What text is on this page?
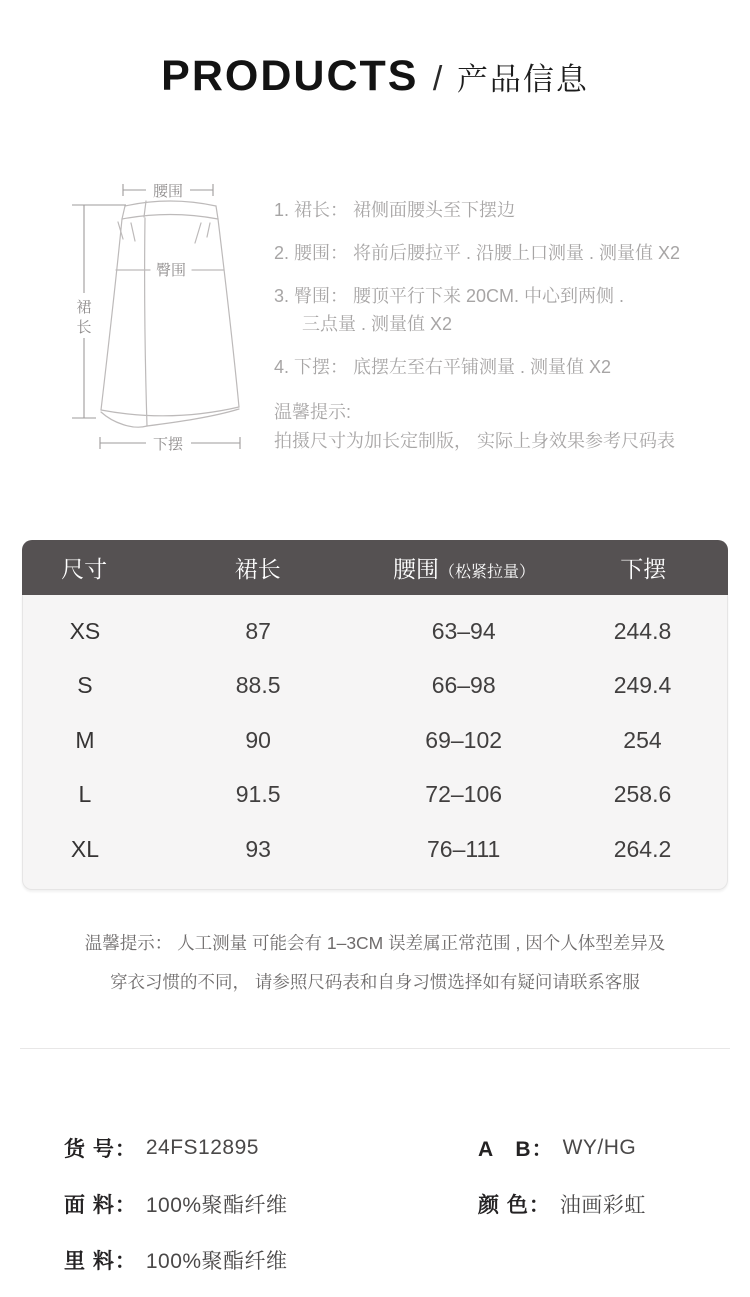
PRODUCTS / 产品信息
腰围
裙
长
下摆
臀围
1. 裙长： 裙侧面腰头至下摆边
2. 腰围： 将前后腰拉平 . 沿腰上口测量 . 测量值 X2
3. 臀围： 腰顶平行下来 20CM. 中心到两侧 .
三点量 . 测量值 X2
4. 下摆： 底摆左至右平铺测量 . 测量值 X2
温馨提示:
拍摄尺寸为加长定制版， 实际上身效果参考尺码表
尺寸	裙长	腰围（松紧拉量）	下摆
XS	87	63–94	244.8
S	88.5	66–98	249.4
M	90	69–102	254
L	91.5	72–106	258.6
XL	93	76–111	264.2
温馨提示： 人工测量 可能会有 1–3CM 误差属正常范围 , 因个人体型差异及
穿衣习惯的不同， 请参照尺码表和自身习惯选择如有疑问请联系客服
货 号 ： 24FS12895
面 料 ： 100%聚酯纤维
里 料 ： 100%聚酯纤维
A　B ： WY/HG
颜 色 ： 油画彩虹
